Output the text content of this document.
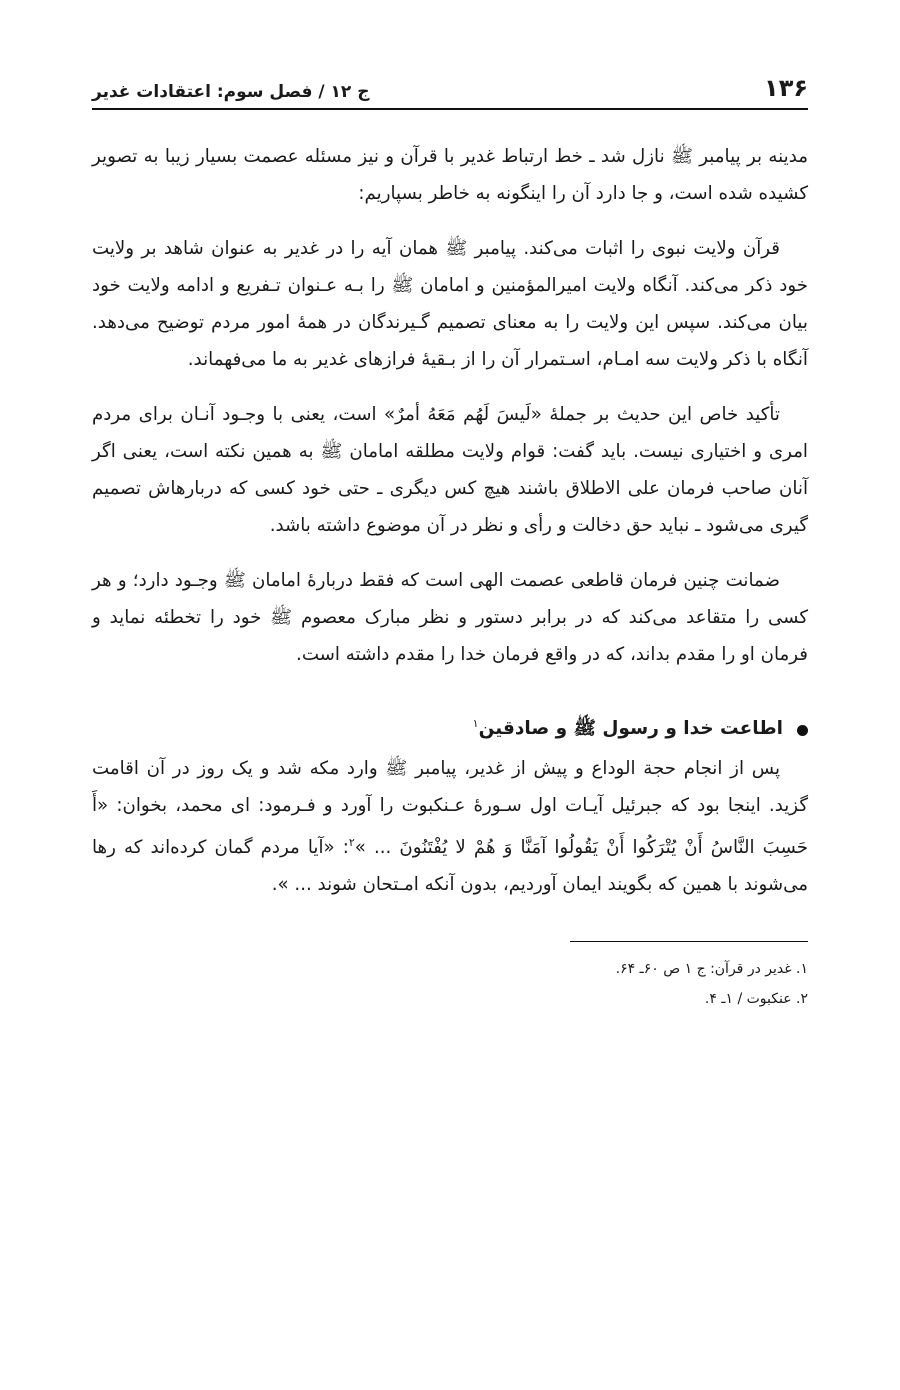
۱۳۶
ج ۱۲ / فصل سوم: اعتقادات غدیر

مدینه بر پیامبر ﷺ نازل شد ـ خط ارتباط غدیر با قرآن و نیز مسئله عصمت بسیار زیبا به تصویر کشیده شده است، و جا دارد آن را اینگونه به خاطر بسپاریم:

قرآن ولایت نبوی را اثبات می‌کند. پیامبر ﷺ همان آیه را در غدیر به عنوان شاهد بر ولایت خود ذکر می‌کند. آنگاه ولایت امیرالمؤمنین و امامان ﷺ را بـه عـنوان تـفریع و ادامه ولایت خود بیان می‌کند. سپس این ولایت را به معنای تصمیم گـیرندگان در همهٔ امور مردم توضیح می‌دهد. آنگاه با ذکر ولایت سه امـام، اسـتمرار آن را از بـقیهٔ فرازهای غدیر به ما می‌فهماند.

تأکید خاص این حدیث بر جملهٔ «لَیسَ لَهُم مَعَهُ أمرٌ» است، یعنی با وجـود آنـان برای مردم امری و اختیاری نیست. باید گفت: قوام ولایت مطلقه امامان ﷺ به همین نکته است، یعنی اگر آنان صاحب فرمان علی الاطلاق باشند هیچ کس دیگری ـ حتی خود کسی که دربارهاش تصمیم گیری می‌شود ـ نباید حق دخالت و رأی و نظر در آن موضوع داشته باشد.

ضمانت چنین فرمان قاطعی عصمت الهی است که فقط دربارهٔ امامان ﷺ وجـود دارد؛ و هر کسی را متقاعد می‌کند که در برابر دستور و نظر مبارک معصوم ﷺ خود را تخطئه نماید و فرمان او را مقدم بداند، که در واقع فرمان خدا را مقدم داشته است.

اطاعت خدا و رسول ﷺ و صادقین$^۱$

پس از انجام حجة الوداع و پیش از غدیر، پیامبر ﷺ وارد مکه شد و یک روز در آن اقامت گزید. اینجا بود که جبرئیل آیـات اول سـورهٔ عـنکبوت را آورد و فـرمود: ای محمد، بخوان: «أَ حَسِبَ النَّاسُ أَنْ يُتْرَكُوا أَنْ يَقُولُوا آمَنَّا وَ هُمْ لا يُفْتَنُونَ ... »$^۲$: «آیا مردم گمان کرده‌اند که رها می‌شوند با همین که بگویند ایمان آوردیم، بدون آنکه امـتحان شوند ... ».

۱. غدیر در قرآن: ج ۱ ص ۶۰ـ ۶۴.

۲. عنکبوت / ۱ـ ۴.
